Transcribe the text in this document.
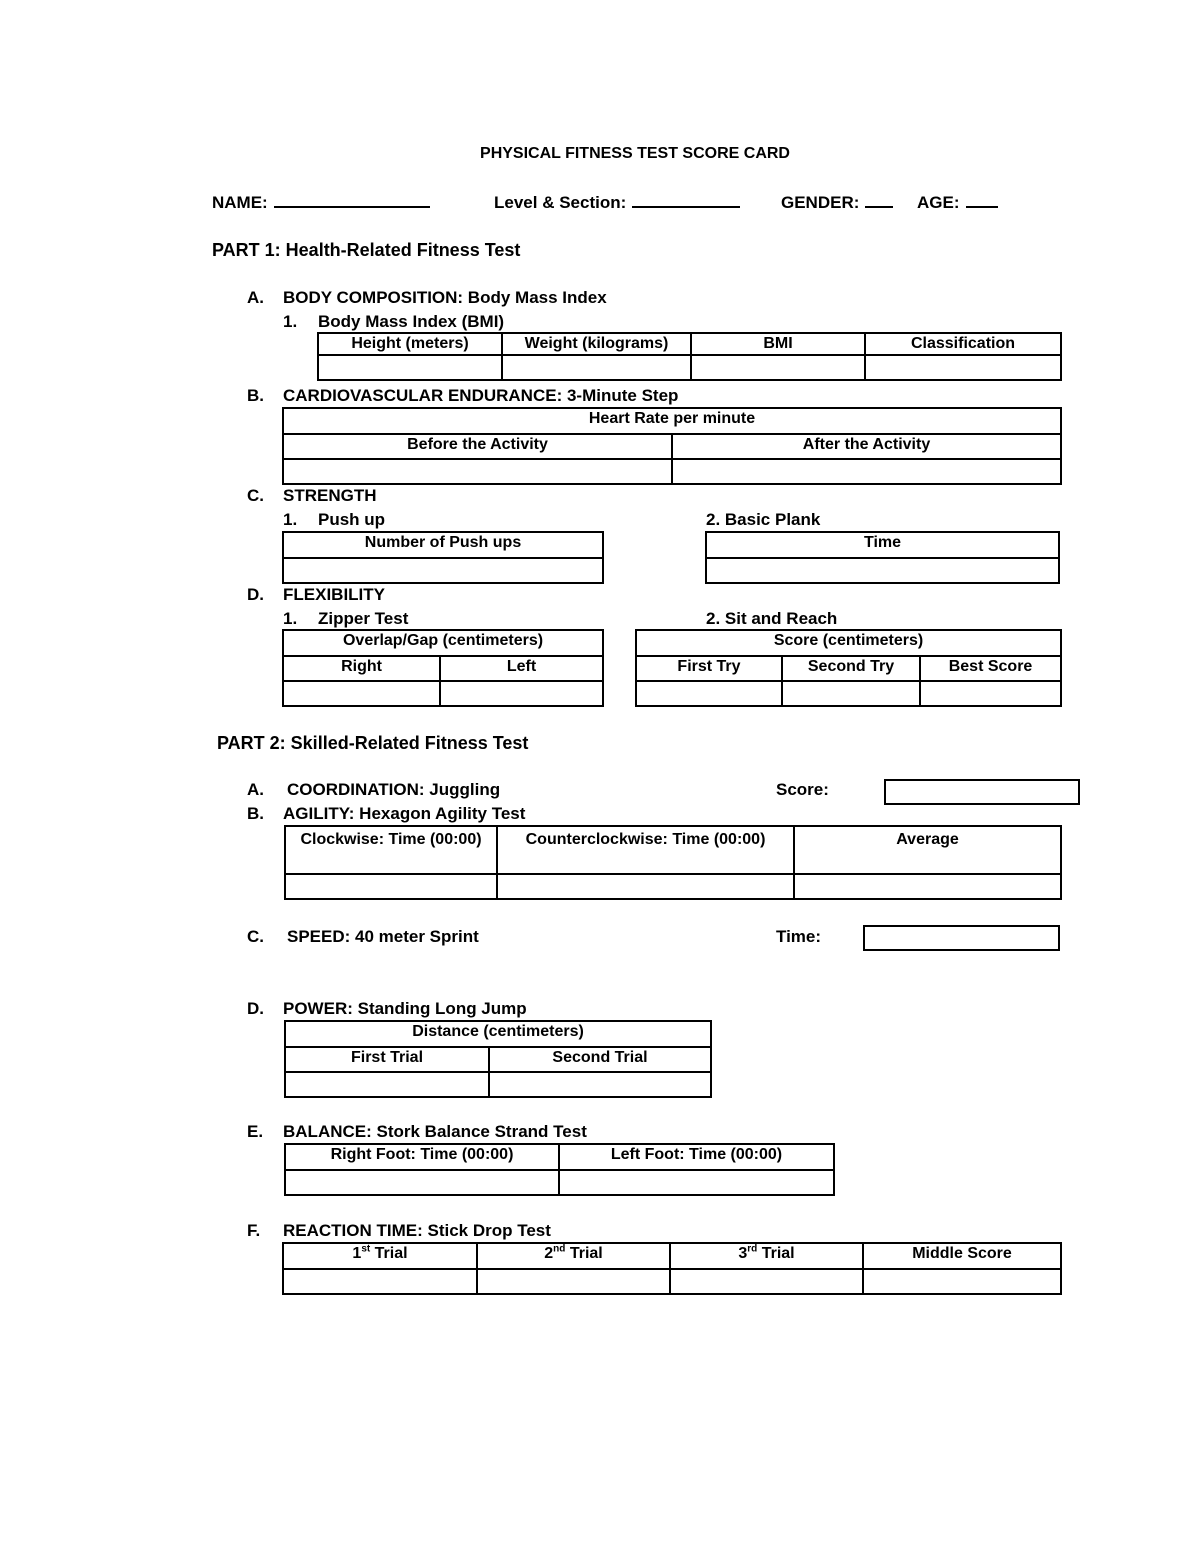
PHYSICAL FITNESS TEST SCORE CARD
NAME:	Level & Section:	GENDER:	AGE:
PART 1: Health-Related Fitness Test
A. BODY COMPOSITION: Body Mass Index
1. Body Mass Index (BMI)
Height (meters)	Weight (kilograms)	BMI	Classification

B. CARDIOVASCULAR ENDURANCE: 3-Minute Step
Heart Rate per minute	
Before the Activity	After the Activity

C. STRENGTH
1. Push up	2. Basic Plank
Number of Push ups	Time

D. FLEXIBILITY
1. Zipper Test	2. Sit and Reach
Overlap/Gap (centimeters)	
Right	Left

Score (centimeters)		
First Try	Second Try	Best Score

PART 2: Skilled-Related Fitness Test
A. COORDINATION: Juggling	Score:
B. AGILITY: Hexagon Agility Test
Clockwise: Time (00:00)	Counterclockwise: Time (00:00)	Average

C. SPEED: 40 meter Sprint	Time:
D. POWER: Standing Long Jump
Distance (centimeters)	
First Trial	Second Trial

E. BALANCE: Stork Balance Strand Test
Right Foot: Time (00:00)	Left Foot: Time (00:00)

F. REACTION TIME: Stick Drop Test
1st Trial	2nd Trial	3rd Trial	Middle Score
